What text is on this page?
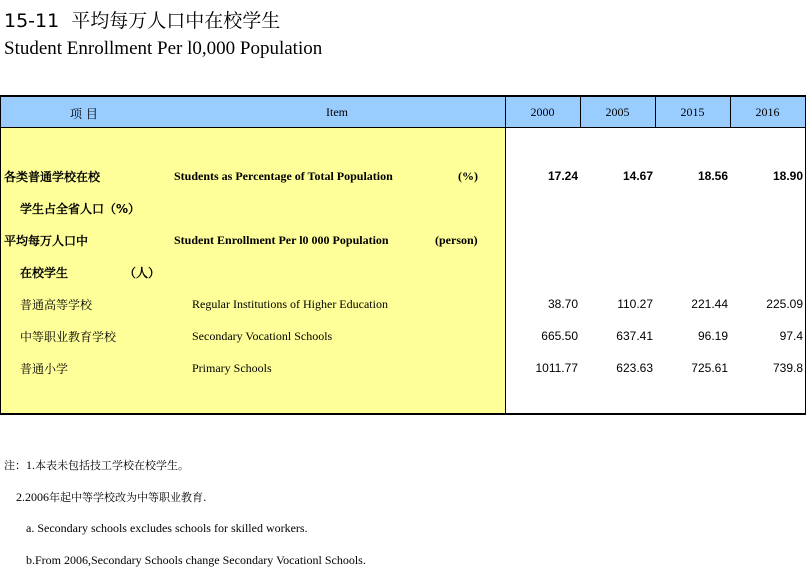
15-11 平均每万人口中在校学生
Student Enrollment Per l0,000 Population
项 目	Item	2000	2005	2015	2016
各类普通学校在校
学生占全省人口（%）
Students as Percentage of Total Population	(%)	17.24	14.67	18.56	18.90
平均每万人口中
在校学生	（人）
Student Enrollment Per l0 000 Population	(person)
普通高等学校	Regular Institutions of Higher Education	38.70	110.27	221.44	225.09
中等职业教育学校	Secondary Vocationl Schools	665.50	637.41	96.19	97.4
普通小学	Primary Schools	1011.77	623.63	725.61	739.8
注：1.本表未包括技工学校在校学生。
2.2006年起中等学校改为中等职业教育.
a. Secondary schools excludes schools for skilled workers.
b.From 2006,Secondary Schools change Secondary Vocationl Schools.
